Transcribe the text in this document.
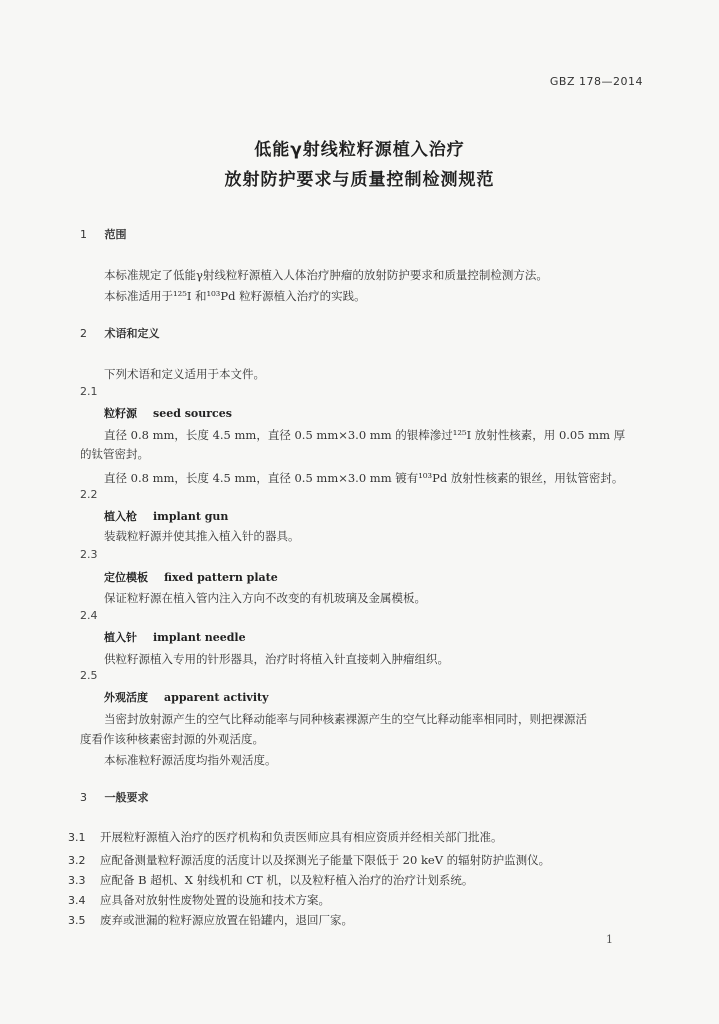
GBZ 178—2014
低能γ射线粒籽源植入治疗
放射防护要求与质量控制检测规范
1 范围
本标准规定了低能γ射线粒籽源植入人体治疗肿瘤的放射防护要求和质量控制检测方法。
本标准适用于¹²⁵I 和¹⁰³Pd 粒籽源植入治疗的实践。
2 术语和定义
下列术语和定义适用于本文件。
2.1
粒籽源 seed sources
直径 0.8 mm，长度 4.5 mm，直径 0.5 mm×3.0 mm 的银棒滲过¹²⁵I 放射性核素，用 0.05 mm 厚
的钛管密封。
直径 0.8 mm，长度 4.5 mm，直径 0.5 mm×3.0 mm 镀有¹⁰³Pd 放射性核素的银丝，用钛管密封。
2.2
植入枪 implant gun
装载粒籽源并使其推入植入针的器具。
2.3
定位模板 fixed pattern plate
保证粒籽源在植入管内注入方向不改变的有机玻璃及金属模板。
2.4
植入针 implant needle
供粒籽源植入专用的针形器具，治疗时将植入针直接刺入肿瘤组织。
2.5
外观活度 apparent activity
当密封放射源产生的空气比释动能率与同种核素裸源产生的空气比释动能率相同时，则把裸源活
度看作该种核素密封源的外观活度。
本标准粒籽源活度均指外观活度。
3 一般要求
3.1 开展粒籽源植入治疗的医疗机构和负责医师应具有相应资质并经相关部门批准。
3.2 应配备测量粒籽源活度的活度计以及探测光子能量下限低于 20 keV 的辐射防护监测仪。
3.3 应配备 B 超机、X 射线机和 CT 机，以及粒籽植入治疗的治疗计划系统。
3.4 应具备对放射性废物处置的设施和技术方案。
3.5 废弃或泄漏的粒籽源应放置在铅罐内，退回厂家。
1
